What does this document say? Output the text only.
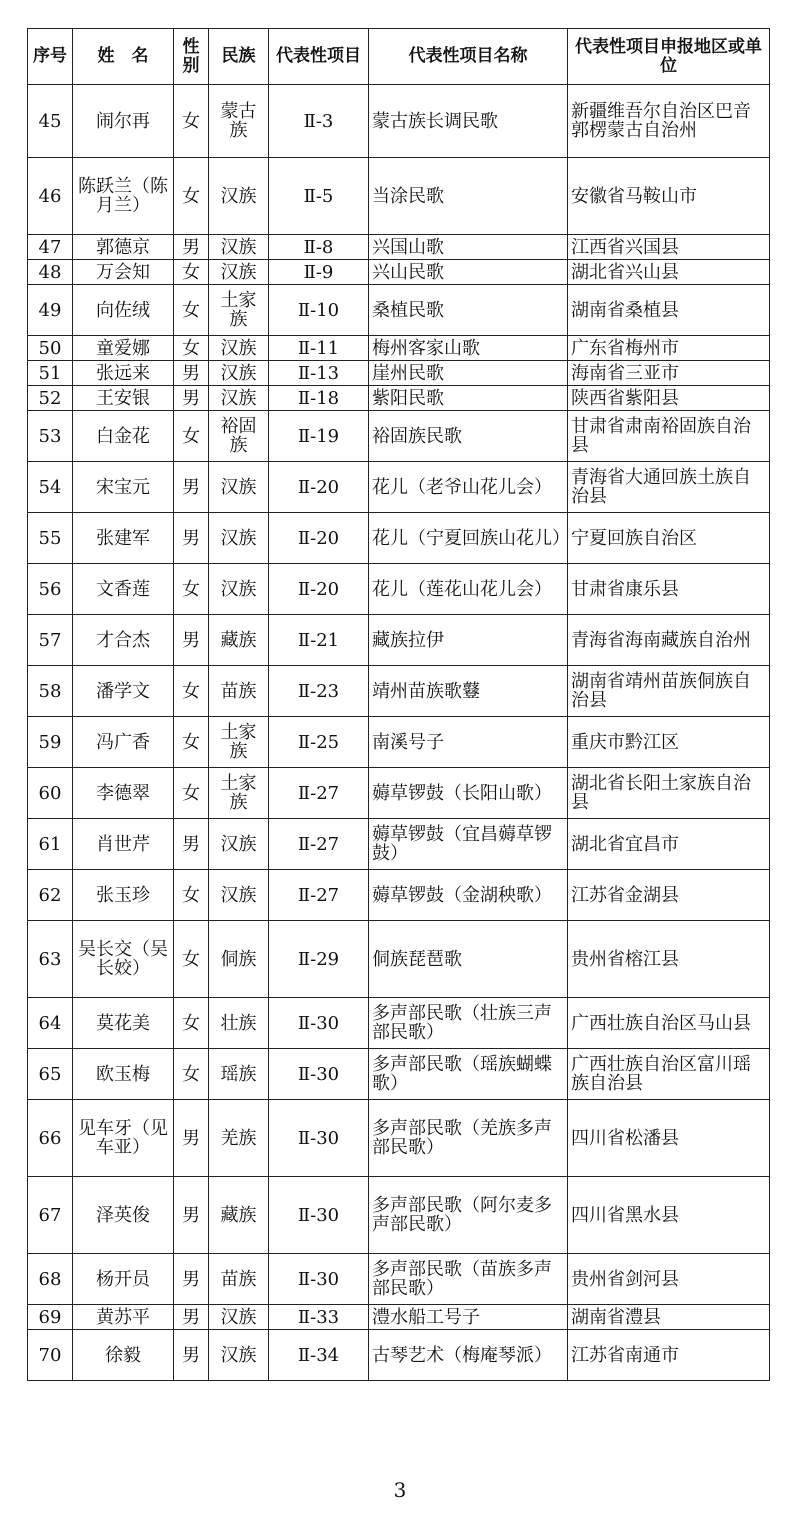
序号	姓　名	性别	民族	代表性项目	代表性项目名称	代表性项目申报地区或单位
45	闹尔再	女	蒙古族	Ⅱ-3	蒙古族长调民歌	新疆维吾尔自治区巴音郭楞蒙古自治州
46	陈跃兰（陈月兰）	女	汉族	Ⅱ-5	当涂民歌	安徽省马鞍山市
47	郭德京	男	汉族	Ⅱ-8	兴国山歌	江西省兴国县
48	万会知	女	汉族	Ⅱ-9	兴山民歌	湖北省兴山县
49	向佐绒	女	土家族	Ⅱ-10	桑植民歌	湖南省桑植县
50	童爱娜	女	汉族	Ⅱ-11	梅州客家山歌	广东省梅州市
51	张远来	男	汉族	Ⅱ-13	崖州民歌	海南省三亚市
52	王安银	男	汉族	Ⅱ-18	紫阳民歌	陕西省紫阳县
53	白金花	女	裕固族	Ⅱ-19	裕固族民歌	甘肃省肃南裕固族自治县
54	宋宝元	男	汉族	Ⅱ-20	花儿（老爷山花儿会）	青海省大通回族土族自治县
55	张建军	男	汉族	Ⅱ-20	花儿（宁夏回族山花儿）	宁夏回族自治区
56	文香莲	女	汉族	Ⅱ-20	花儿（莲花山花儿会）	甘肃省康乐县
57	才合杰	男	藏族	Ⅱ-21	藏族拉伊	青海省海南藏族自治州
58	潘学文	女	苗族	Ⅱ-23	靖州苗族歌鼟	湖南省靖州苗族侗族自治县
59	冯广香	女	土家族	Ⅱ-25	南溪号子	重庆市黔江区
60	李德翠	女	土家族	Ⅱ-27	薅草锣鼓（长阳山歌）	湖北省长阳土家族自治县
61	肖世芹	男	汉族	Ⅱ-27	薅草锣鼓（宜昌薅草锣鼓）	湖北省宜昌市
62	张玉珍	女	汉族	Ⅱ-27	薅草锣鼓（金湖秧歌）	江苏省金湖县
63	吴长交（吴长姣）	女	侗族	Ⅱ-29	侗族琵琶歌	贵州省榕江县
64	莫花美	女	壮族	Ⅱ-30	多声部民歌（壮族三声部民歌）	广西壮族自治区马山县
65	欧玉梅	女	瑶族	Ⅱ-30	多声部民歌（瑶族蝴蝶歌）	广西壮族自治区富川瑶族自治县
66	见车牙（见车亚）	男	羌族	Ⅱ-30	多声部民歌（羌族多声部民歌）	四川省松潘县
67	泽英俊	男	藏族	Ⅱ-30	多声部民歌（阿尔麦多声部民歌）	四川省黑水县
68	杨开员	男	苗族	Ⅱ-30	多声部民歌（苗族多声部民歌）	贵州省剑河县
69	黄苏平	男	汉族	Ⅱ-33	澧水船工号子	湖南省澧县
70	徐毅	男	汉族	Ⅱ-34	古琴艺术（梅庵琴派）	江苏省南通市
3
